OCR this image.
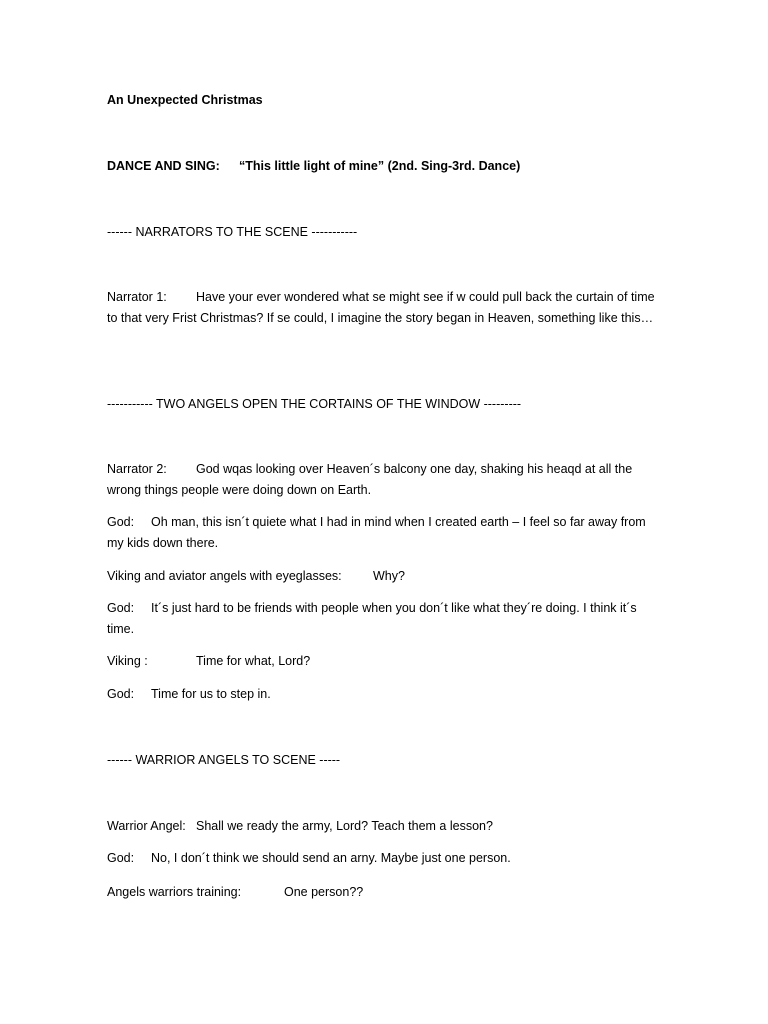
An Unexpected Christmas

DANCE AND SING: “This little light of mine” (2nd. Sing-3rd. Dance)

------ NARRATORS TO THE SCENE -----------

Narrator 1: Have your ever wondered what se might see if w could pull back the curtain of time to that very Frist Christmas? If se could, I imagine the story began in Heaven, something like this…

----------- TWO ANGELS OPEN THE CORTAINS OF THE WINDOW ---------

Narrator 2: God wqas looking over Heaven´s balcony one day, shaking his heaqd at all the wrong things people were doing down on Earth.

God: Oh man, this isn´t quiete what I had in mind when I created earth – I feel so far away from my kids down there.

Viking and aviator angels with eyeglasses:	Why?

God: It´s just hard to be friends with people when you don´t like what they´re doing. I think it´s time.

Viking :	Time for what, Lord?

God: Time for us to step in.

------ WARRIOR ANGELS TO SCENE -----

Warrior Angel: Shall we ready the army, Lord? Teach them a lesson?

God: No, I don´t think we should send an arny. Maybe just one person.

Angels warriors training:	One person??
